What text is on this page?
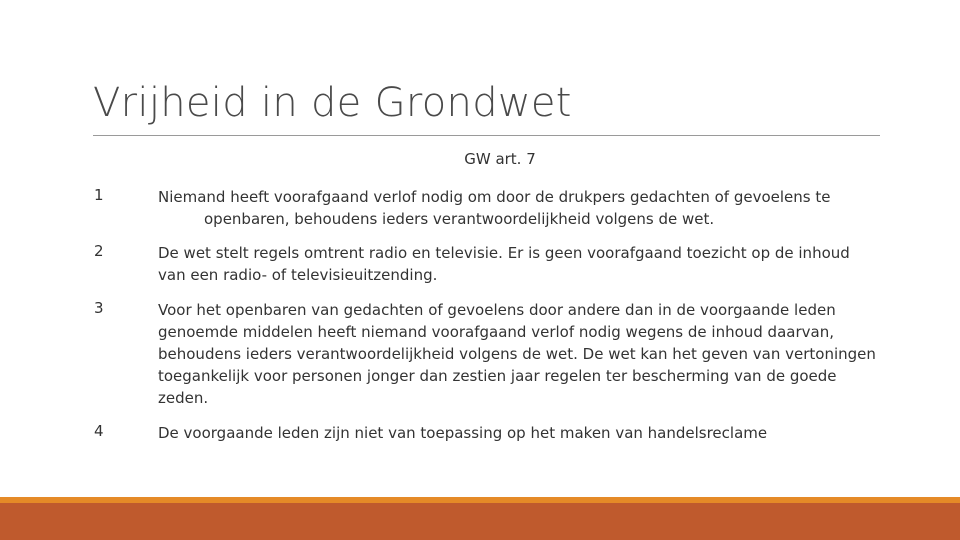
Vrijheid in de Grondwet
GW art. 7
1	Niemand heeft voorafgaand verlof nodig om door de drukpers gedachten of gevoelens te openbaren, behoudens ieders verantwoordelijkheid volgens de wet.
2	De wet stelt regels omtrent radio en televisie. Er is geen voorafgaand toezicht op de inhoud van een radio- of televisieuitzending.
3	Voor het openbaren van gedachten of gevoelens door andere dan in de voorgaande leden genoemde middelen heeft niemand voorafgaand verlof nodig wegens de inhoud daarvan, behoudens ieders verantwoordelijkheid volgens de wet. De wet kan het geven van vertoningen toegankelijk voor personen jonger dan zestien jaar regelen ter bescherming van de goede zeden.
4	De voorgaande leden zijn niet van toepassing op het maken van handelsreclame
